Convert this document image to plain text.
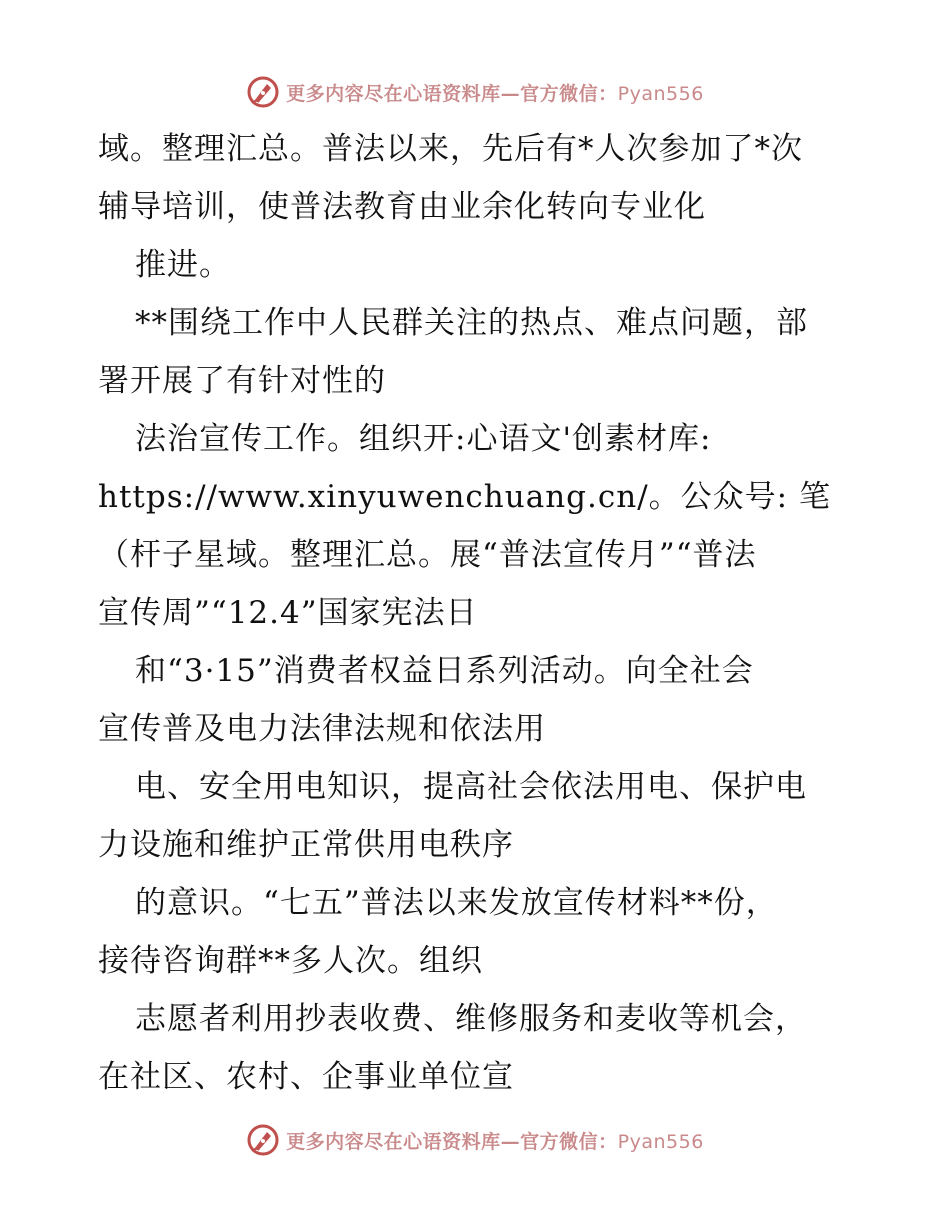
更多内容尽在心语资料库—官方微信：Pyan556
域。整理汇总。普法以来，先后有*人次参加了*次
辅导培训，使普法教育由业余化转向专业化
推进。
**围绕工作中人民群关注的热点、难点问题，部
署开展了有针对性的
法治宣传工作。组织开:心语文'创素材库:
https://www.xinyuwenchuang.cn/。公众号: 笔
（杆子星域。整理汇总。展“普法宣传月”“普法
宣传周”“12.4”国家宪法日
和“3·15”消费者权益日系列活动。向全社会
宣传普及电力法律法规和依法用
电、安全用电知识，提高社会依法用电、保护电
力设施和维护正常供用电秩序
的意识。“七五”普法以来发放宣传材料**份，
接待咨询群**多人次。组织
志愿者利用抄表收费、维修服务和麦收等机会，
在社区、农村、企事业单位宣
更多内容尽在心语资料库—官方微信：Pyan556
